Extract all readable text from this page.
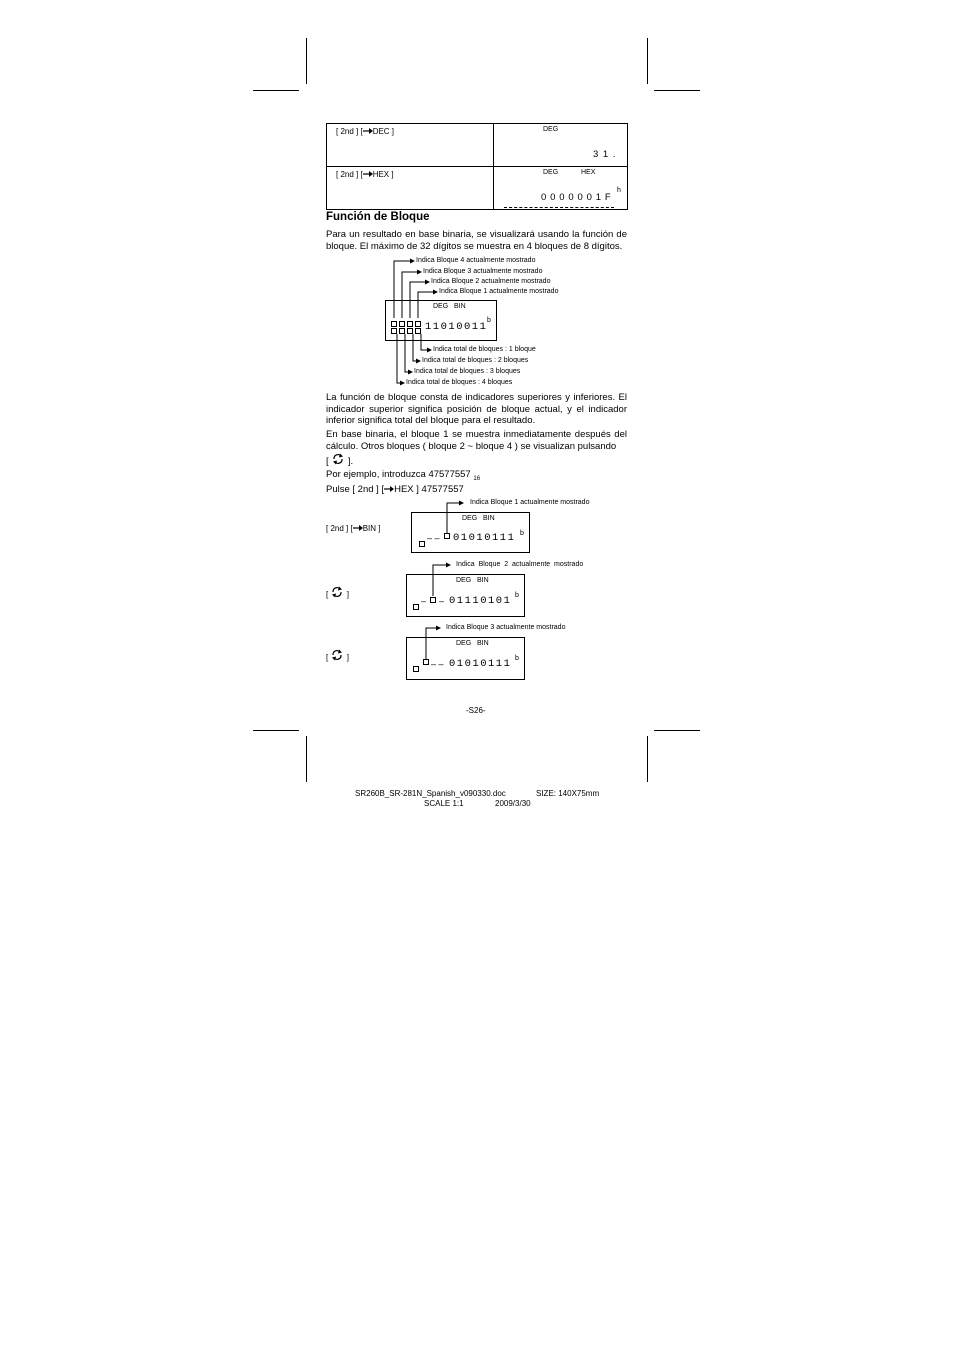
[ 2nd ] [ DEC ]	DEG
3 1 .
[ 2nd ] [ HEX ]	DEG	HEX
h
0 0 0 0 0 0 1 F
Función de Bloque
Para un resultado en base binaria, se visualizará usando la función de bloque. El máximo de 32 dígitos se muestra en 4 bloques de 8 dígitos.
Indica Bloque 4 actualmente mostrado
Indica Bloque 3 actualmente mostrado
Indica Bloque 2 actualmente mostrado
Indica Bloque 1 actualmente mostrado
DEG   BIN
11010011
b
Indica total de bloques : 1 bloque
Indica total de bloques : 2 bloques
Indica total de bloques : 3 bloques
Indica total de bloques : 4 bloques
La función de bloque consta de indicadores superiores y inferiores. El indicador superior significa posición de bloque actual, y el indicador inferior significa total del bloque para el resultado.
En base binaria, el bloque 1 se muestra inmediatamente después del cálculo. Otros bloques ( bloque 2 ~ bloque 4 ) se visualizan pulsando
[ ].
Por ejemplo, introduzca 47577557 $_{16}$
Pulse [ 2nd ] [ HEX ] 47577557
[ 2nd ] [ BIN ]
Indica Bloque 1 actualmente mostrado
DEG   BIN
– – 01010111 b
[ ]
Indica  Bloque  2  actualmente  mostrado
DEG   BIN
– – 01110101 b
[ ]
Indica Bloque 3 actualmente mostrado
DEG   BIN
– – 01010111 b
-S26-
SR260B_SR-281N_Spanish_v090330.doc	SIZE: 140X75mm
SCALE 1:1	2009/3/30
